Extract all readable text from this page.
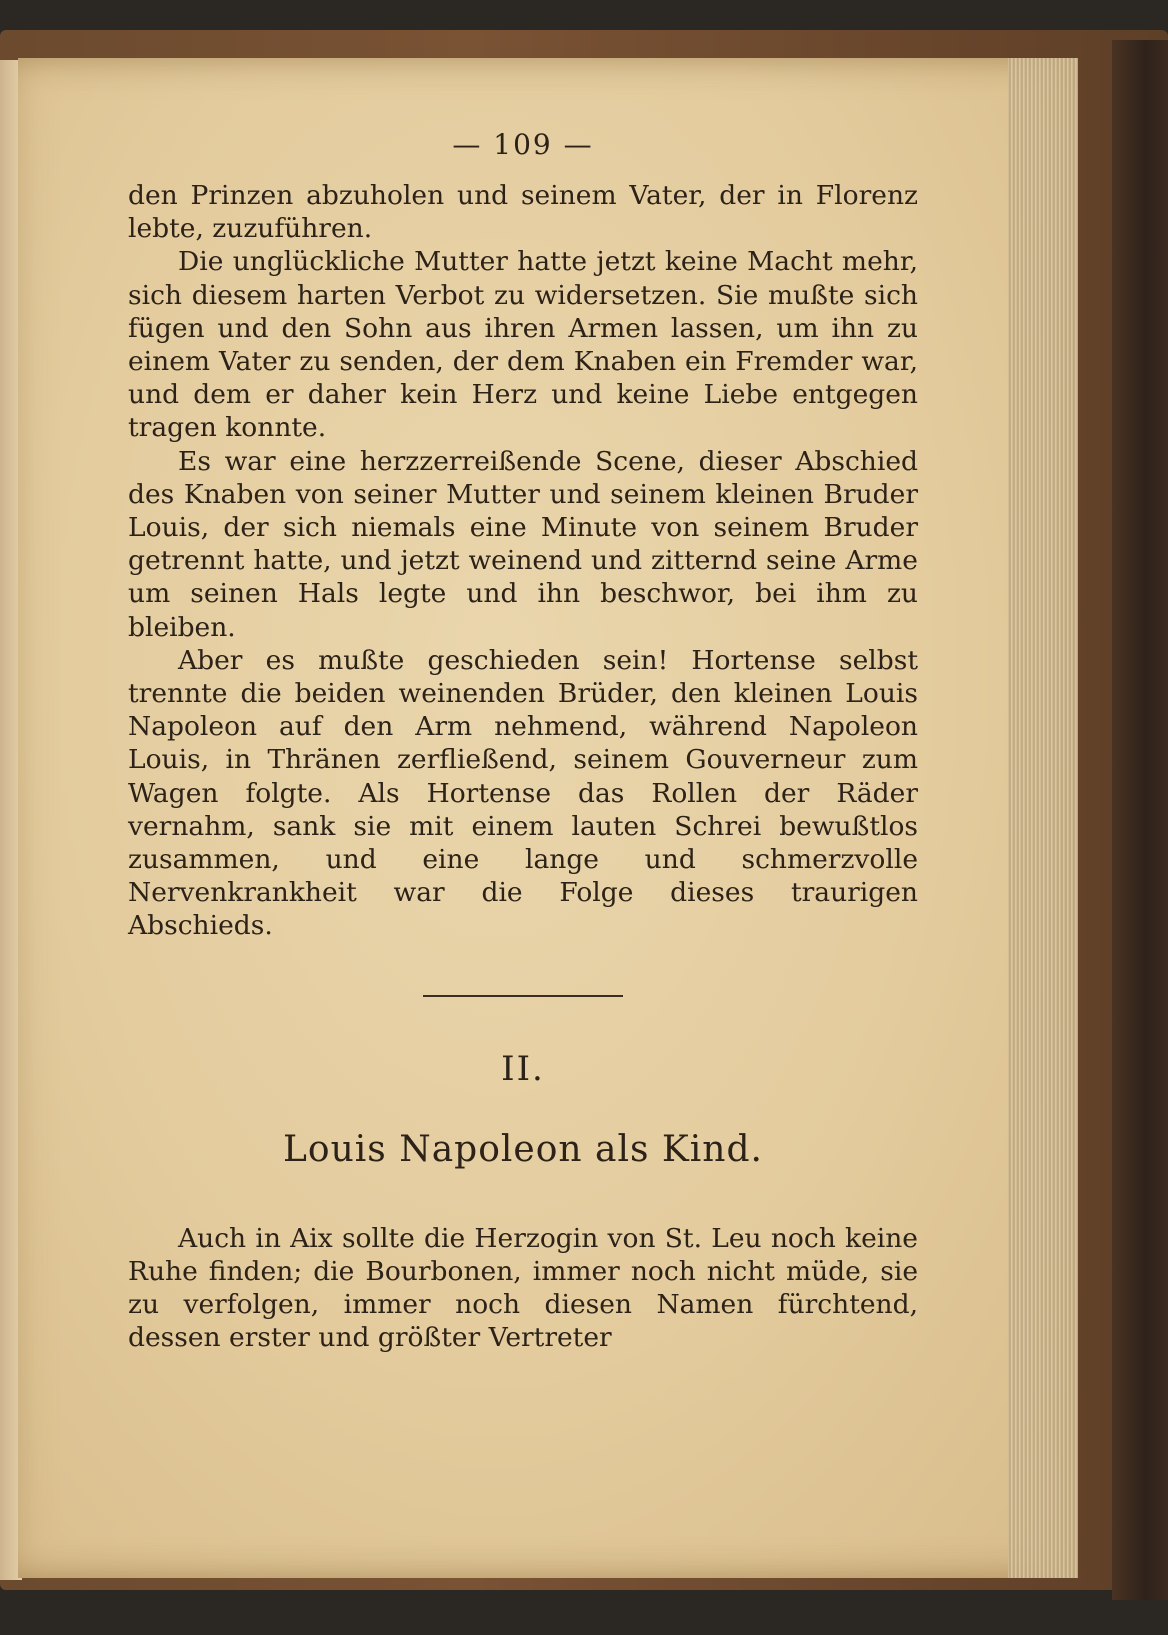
— 109 —

den Prinzen abzuholen und seinem Vater, der in Florenz lebte, zuzuführen.

Die unglückliche Mutter hatte jetzt keine Macht mehr, sich diesem harten Verbot zu widersetzen. Sie mußte sich fügen und den Sohn aus ihren Armen lassen, um ihn zu einem Vater zu senden, der dem Knaben ein Fremder war, und dem er daher kein Herz und keine Liebe entgegen tragen konnte.

Es war eine herzzerreißende Scene, dieser Abschied des Knaben von seiner Mutter und seinem kleinen Bruder Louis, der sich niemals eine Minute von seinem Bruder getrennt hatte, und jetzt weinend und zitternd seine Arme um seinen Hals legte und ihn beschwor, bei ihm zu bleiben.

Aber es mußte geschieden sein! Hortense selbst trennte die beiden weinenden Brüder, den kleinen Louis Napoleon auf den Arm nehmend, während Napoleon Louis, in Thränen zerfließend, seinem Gouverneur zum Wagen folgte. Als Hortense das Rollen der Räder vernahm, sank sie mit einem lauten Schrei bewußtlos zusammen, und eine lange und schmerzvolle Nervenkrankheit war die Folge dieses traurigen Abschieds.

II.
Louis Napoleon als Kind.

Auch in Aix sollte die Herzogin von St. Leu noch keine Ruhe finden; die Bourbonen, immer noch nicht müde, sie zu verfolgen, immer noch diesen Namen fürchtend, dessen erster und größter Vertreter
